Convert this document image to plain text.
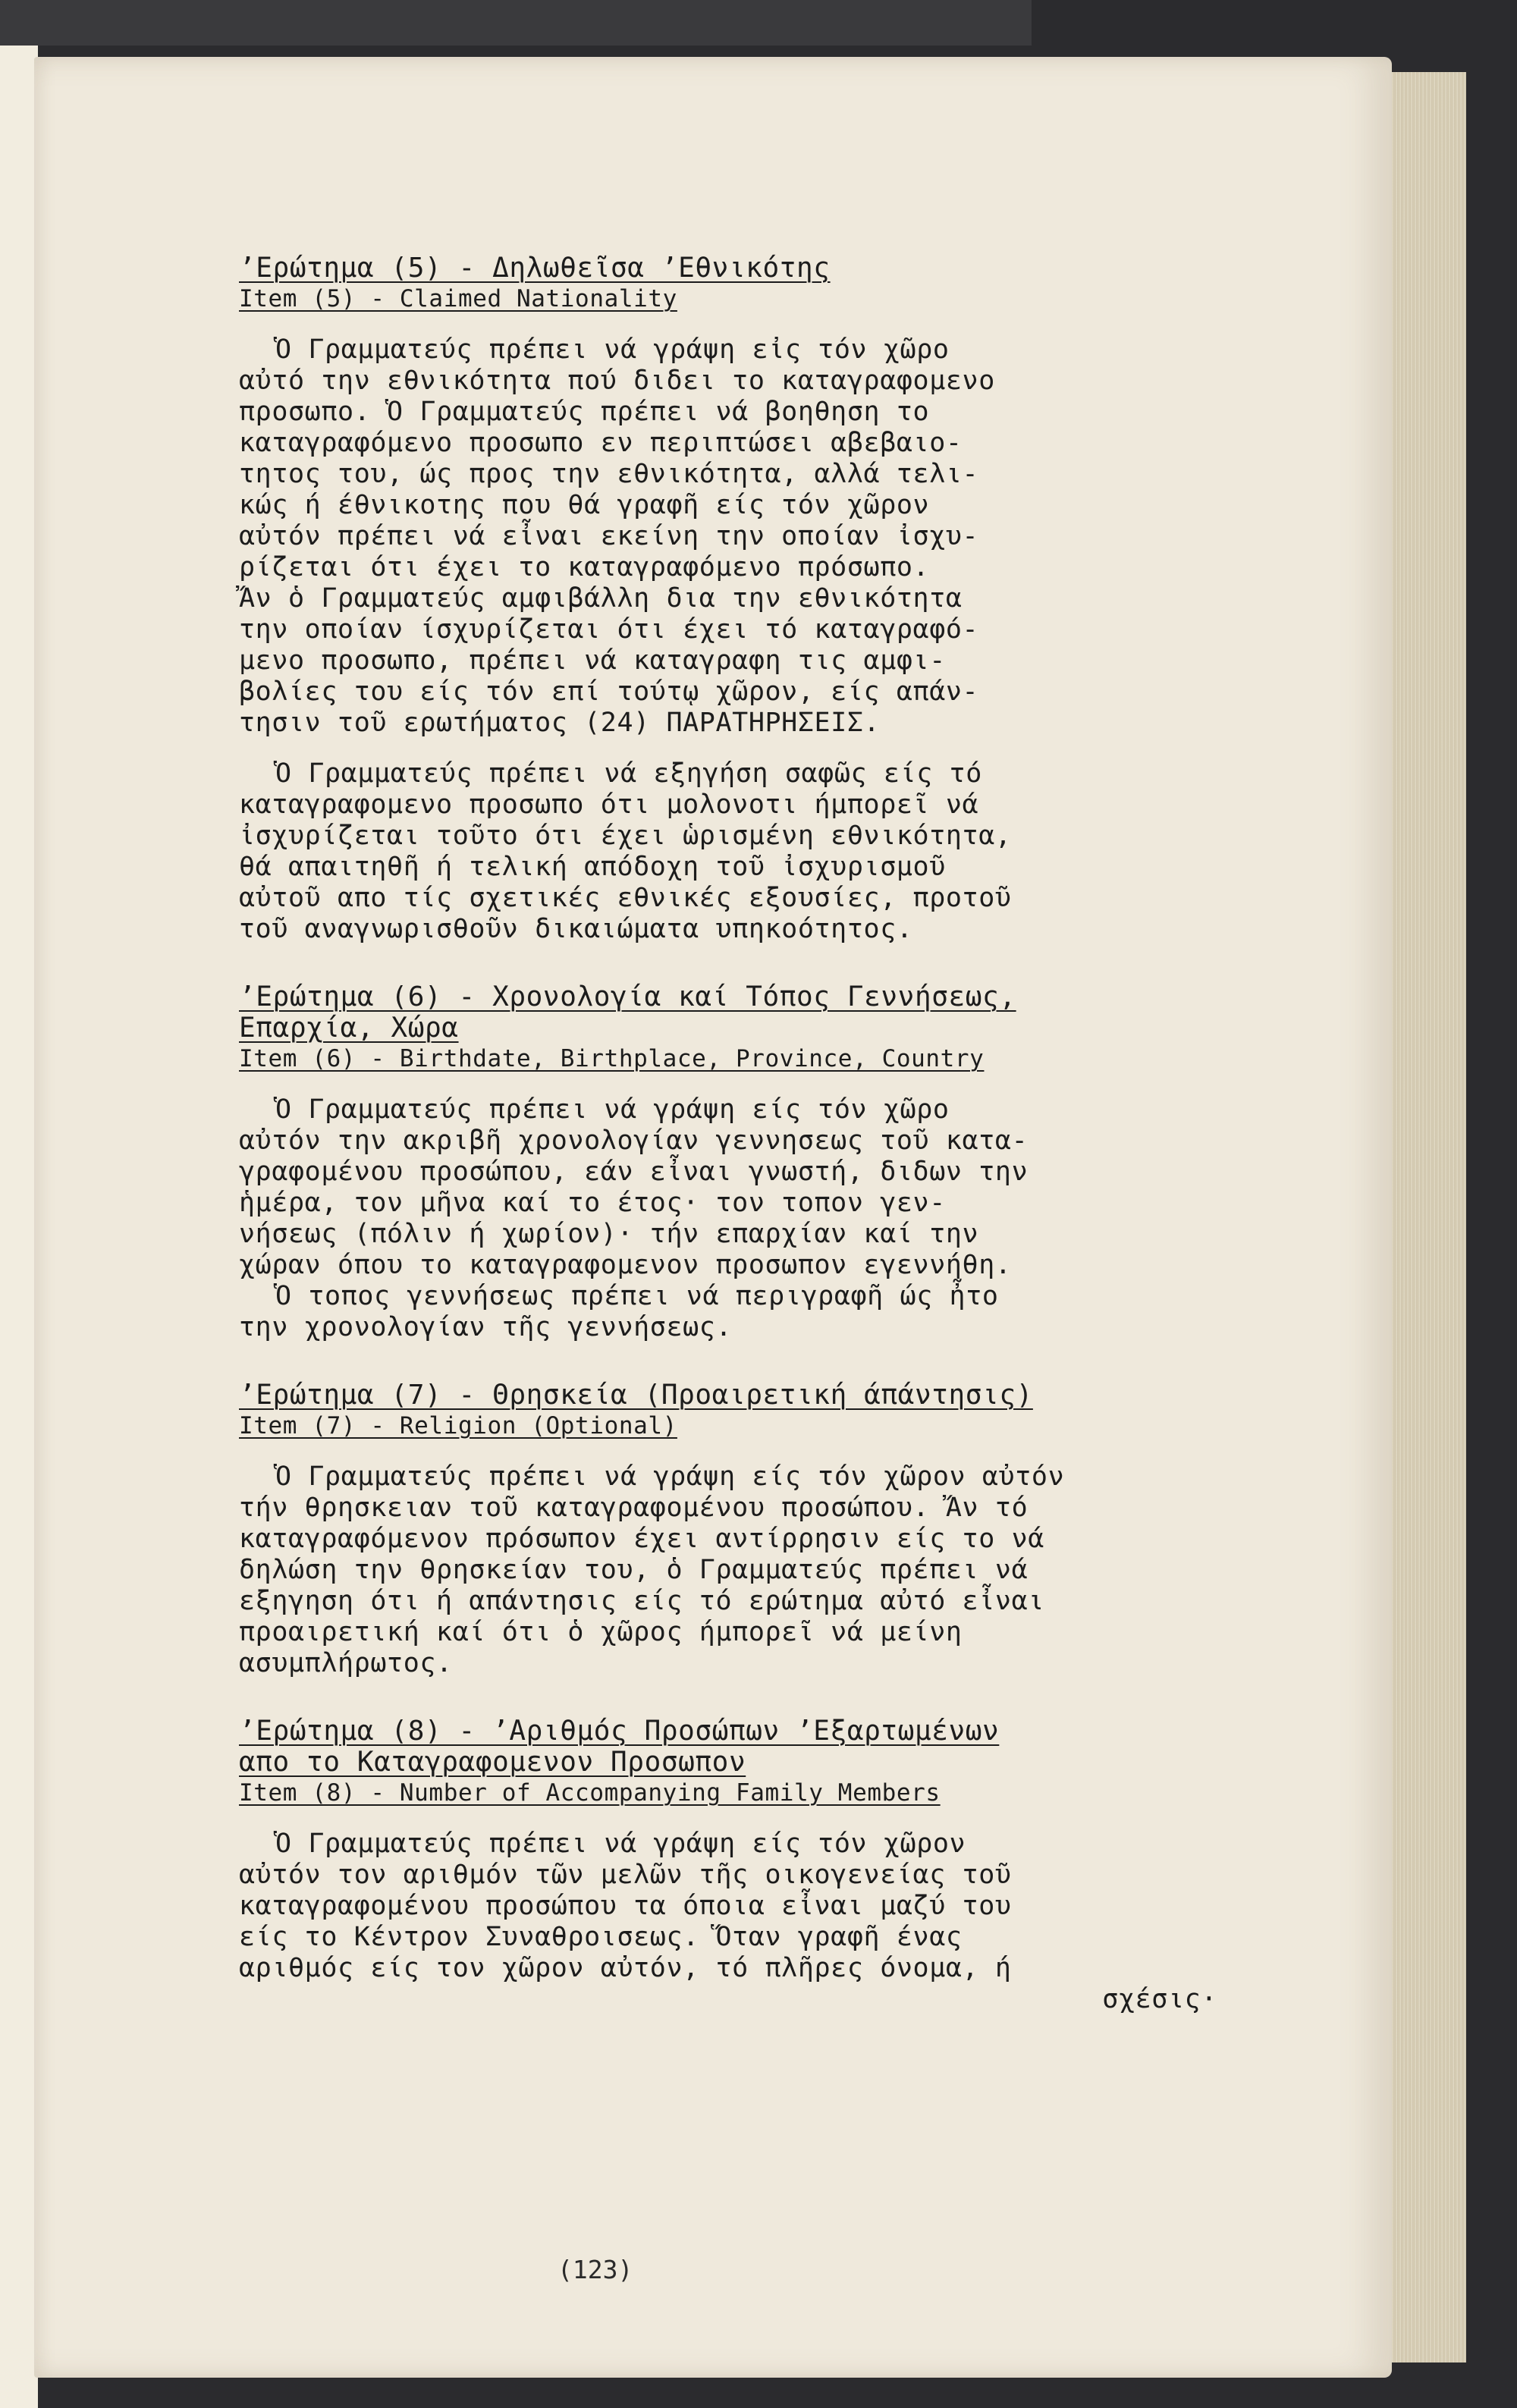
’Ερώτημα (5) - Δηλωθεῖσα ’Εθνικότης
Item (5) - Claimed Nationality
Ὁ Γραμματεύς πρέπει νά γράψη εἰς τόν χῶρο
αὐτό την εθνικότητα πού διδει το καταγραφομενο
προσωπο. Ὁ Γραμματεύς πρέπει νά βοηθηση το
καταγραφόμενο προσωπο εν περιπτώσει αβεβαιο-
τητος του, ώς προς την εθνικότητα, αλλά τελι-
κώς ή έθνικοτης που θά γραφῆ είς τόν χῶρον
αὐτόν πρέπει νά εἶναι εκείνη την οποίαν ἰσχυ-
ρίζεται ότι έχει το καταγραφόμενο πρόσωπο.
Ἄν ὁ Γραμματεύς αμφιβάλλη δια την εθνικότητα
την οποίαν ίσχυρίζεται ότι έχει τό καταγραφό-
μενο προσωπο, πρέπει νά καταγραφη τις αμφι-
βολίες του είς τόν επί τούτῳ χῶρον, είς απάν-
τησιν τοῦ ερωτήματος (24) ΠΑΡΑΤΗΡΗΣΕΙΣ.
Ὁ Γραμματεύς πρέπει νά εξηγήση σαφῶς είς τό
καταγραφομενο προσωπο ότι μολονοτι ήμπορεῖ νά
ἰσχυρίζεται τοῦτο ότι έχει ὡρισμένη εθνικότητα,
θά απαιτηθῆ ή τελική απόδοχη τοῦ ἰσχυρισμοῦ
αὐτοῦ απο τίς σχετικές εθνικές εξουσίες, προτοῦ
τοῦ αναγνωρισθοῦν δικαιώματα υπηκοότητος.
’Ερώτημα (6) - Χρονολογία καί Τόπος Γεννήσεως,
Επαρχία, Χώρα
Item (6) - Birthdate, Birthplace, Province, Country
Ὁ Γραμματεύς πρέπει νά γράψη είς τόν χῶρο
αὐτόν την ακριβῆ χρονολογίαν γεννησεως τοῦ κατα-
γραφομένου προσώπου, εάν εἶναι γνωστή, διδων την
ἡμέρα, τον μῆνα καί το έτος· τον τοπον γεν-
νήσεως (πόλιν ή χωρίον)· τήν επαρχίαν καί την
χώραν όπου το καταγραφομενον προσωπον εγεννήθη.
Ὁ τοπος γεννήσεως πρέπει νά περιγραφῆ ώς ἦτο
την χρονολογίαν τῆς γεννήσεως.
’Ερώτημα (7) - Θρησκεία (Προαιρετική άπάντησις)
Item (7) - Religion (Optional)
Ὁ Γραμματεύς πρέπει νά γράψη είς τόν χῶρον αὐτόν
τήν θρησκειαν τοῦ καταγραφομένου προσώπου. Ἄν τό
καταγραφόμενον πρόσωπον έχει αντίρρησιν είς το νά
δηλώση την θρησκείαν του, ὁ Γραμματεύς πρέπει νά
εξηγηση ότι ή απάντησις είς τό ερώτημα αὐτό εἶναι
προαιρετική καί ότι ὁ χῶρος ήμπορεῖ νά μείνη
ασυμπλήρωτος.
’Ερώτημα (8) - ’Αριθμός Προσώπων ’Εξαρτωμένων
απο το Καταγραφομενον Προσωπον
Item (8) - Number of Accompanying Family Members
Ὁ Γραμματεύς πρέπει νά γράψη είς τόν χῶρον
αὐτόν τον αριθμόν τῶν μελῶν τῆς οικογενείας τοῦ
καταγραφομένου προσώπου τα όποια εἶναι μαζύ του
είς το Κέντρον Συναθροισεως. Ὅταν γραφῆ ένας
αριθμός είς τον χῶρον αὐτόν, τό πλῆρες όνομα, ή
σχέσις·
(123)
